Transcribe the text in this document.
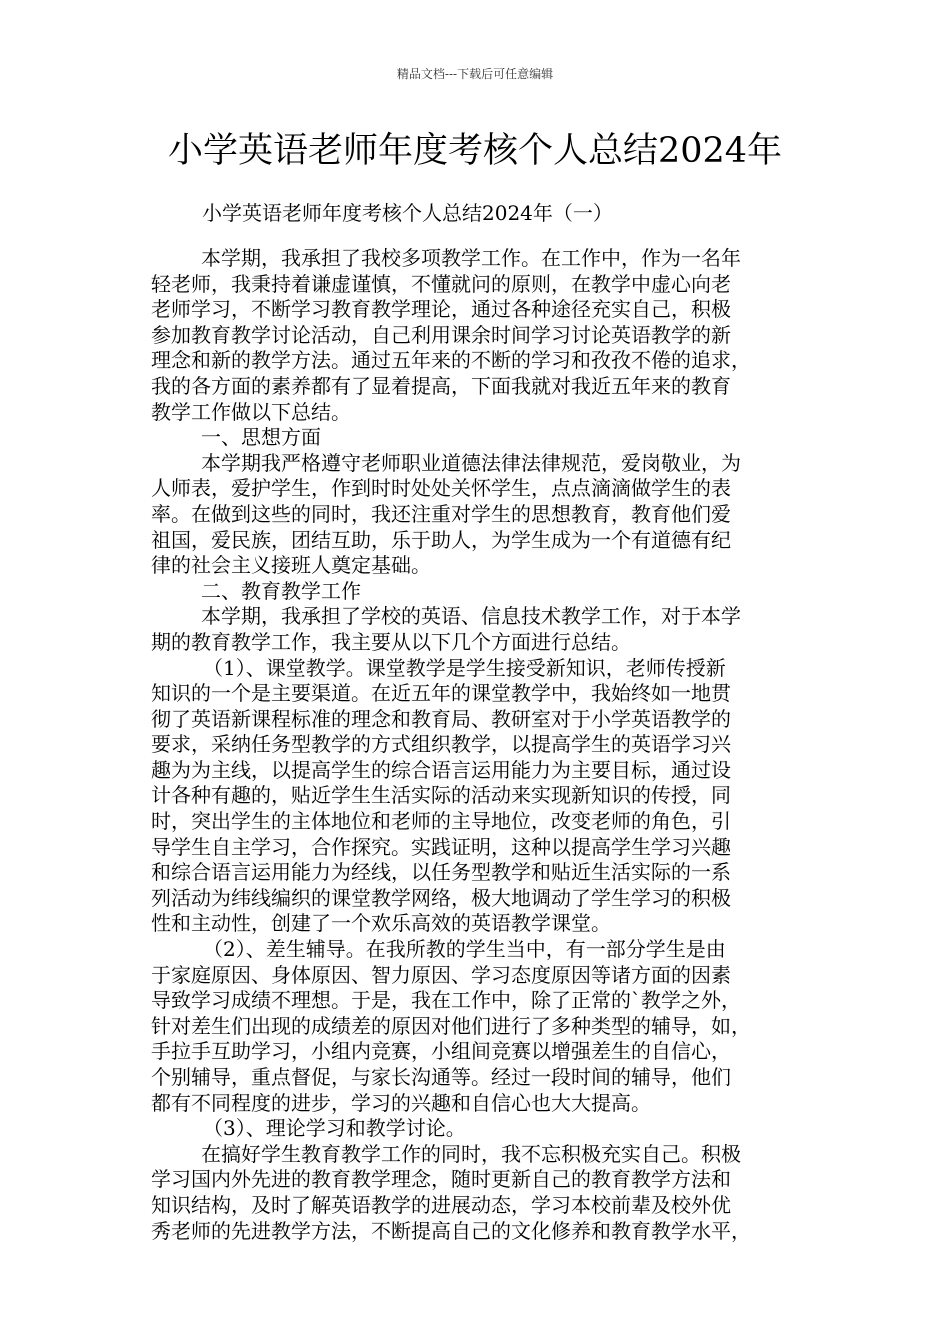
精品文档---下载后可任意编辑
小学英语老师年度考核个人总结2024年
小学英语老师年度考核个人总结2024年（一）
本学期，我承担了我校多项教学工作。在工作中，作为一名年
轻老师，我秉持着谦虚谨慎，不懂就问的原则，在教学中虚心向老
老师学习，不断学习教育教学理论，通过各种途径充实自己，积极
参加教育教学讨论活动，自己利用课余时间学习讨论英语教学的新
理念和新的教学方法。通过五年来的不断的学习和孜孜不倦的追求，
我的各方面的素养都有了显着提高，下面我就对我近五年来的教育
教学工作做以下总结。
一、思想方面
本学期我严格遵守老师职业道德法律法律规范，爱岗敬业，为
人师表，爱护学生，作到时时处处关怀学生，点点滴滴做学生的表
率。在做到这些的同时，我还注重对学生的思想教育，教育他们爱
祖国，爱民族，团结互助，乐于助人，为学生成为一个有道德有纪
律的社会主义接班人奠定基础。
二、教育教学工作
本学期，我承担了学校的英语、信息技术教学工作，对于本学
期的教育教学工作，我主要从以下几个方面进行总结。
（1）、课堂教学。课堂教学是学生接受新知识，老师传授新
知识的一个是主要渠道。在近五年的课堂教学中，我始终如一地贯
彻了英语新课程标准的理念和教育局、教研室对于小学英语教学的
要求，采纳任务型教学的方式组织教学，以提高学生的英语学习兴
趣为为主线，以提高学生的综合语言运用能力为主要目标，通过设
计各种有趣的，贴近学生生活实际的活动来实现新知识的传授，同
时，突出学生的主体地位和老师的主导地位，改变老师的角色，引
导学生自主学习，合作探究。实践证明，这种以提高学生学习兴趣
和综合语言运用能力为经线，以任务型教学和贴近生活实际的一系
列活动为纬线编织的课堂教学网络，极大地调动了学生学习的积极
性和主动性，创建了一个欢乐高效的英语教学课堂。
（2）、差生辅导。在我所教的学生当中，有一部分学生是由
于家庭原因、身体原因、智力原因、学习态度原因等诸方面的因素
导致学习成绩不理想。于是，我在工作中，除了正常的`教学之外，
针对差生们出现的成绩差的原因对他们进行了多种类型的辅导，如，
手拉手互助学习，小组内竞赛，小组间竞赛以增强差生的自信心，
个别辅导，重点督促，与家长沟通等。经过一段时间的辅导，他们
都有不同程度的进步，学习的兴趣和自信心也大大提高。
（3）、理论学习和教学讨论。
在搞好学生教育教学工作的同时，我不忘积极充实自己。积极
学习国内外先进的教育教学理念，随时更新自己的教育教学方法和
知识结构，及时了解英语教学的进展动态，学习本校前辈及校外优
秀老师的先进教学方法，不断提高自己的文化修养和教育教学水平，
